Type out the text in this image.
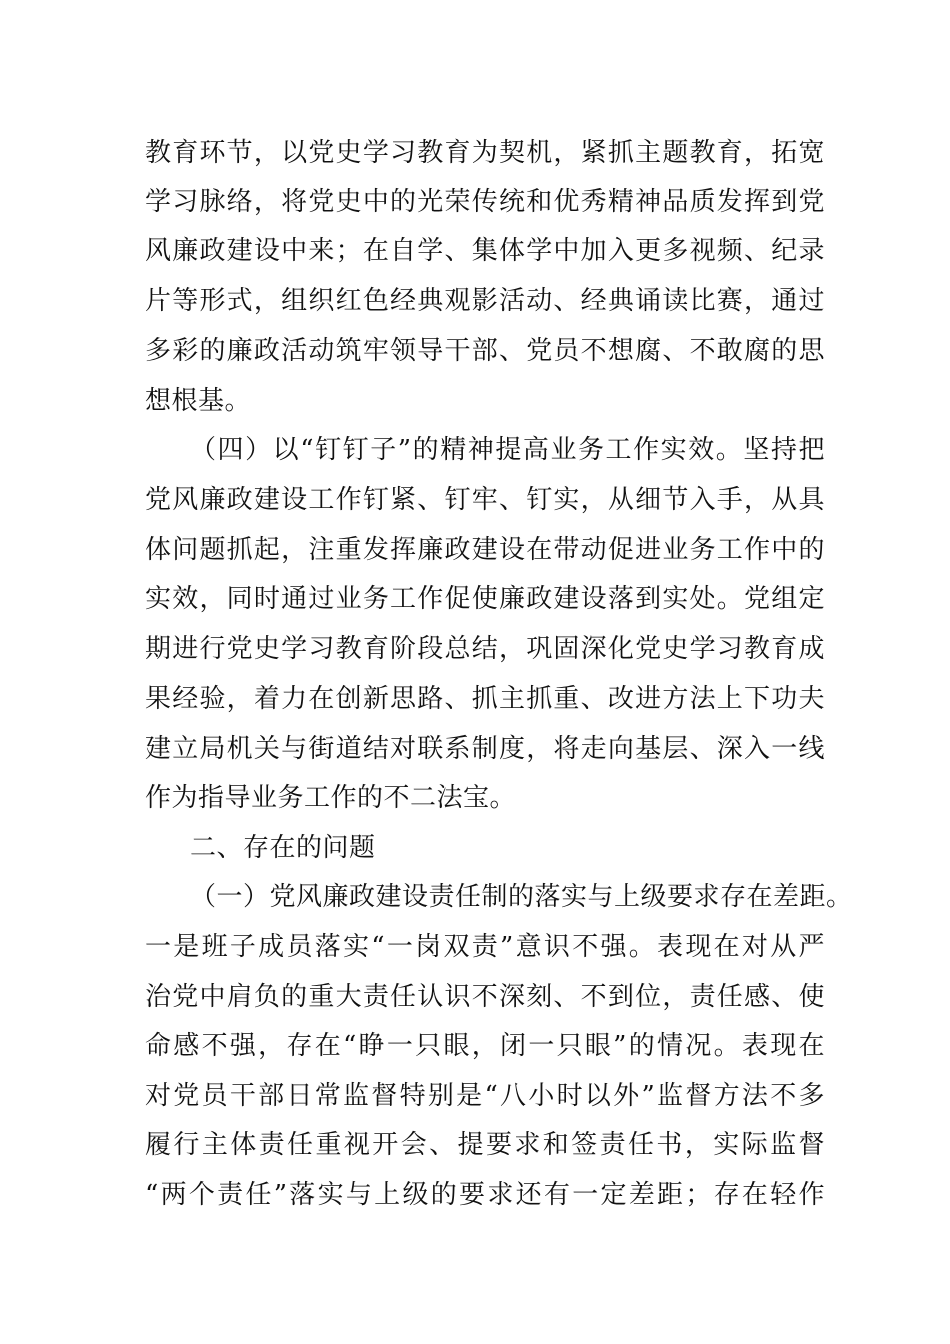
教育环节，以党史学习教育为契机，紧抓主题教育，拓宽
学习脉络，将党史中的光荣传统和优秀精神品质发挥到党
风廉政建设中来；在自学、集体学中加入更多视频、纪录
片等形式，组织红色经典观影活动、经典诵读比赛，通过
多彩的廉政活动筑牢领导干部、党员不想腐、不敢腐的思
想根基。
（四）以“钉钉子”的精神提高业务工作实效。坚持把
党风廉政建设工作钉紧、钉牢、钉实，从细节入手，从具
体问题抓起，注重发挥廉政建设在带动促进业务工作中的
实效，同时通过业务工作促使廉政建设落到实处。党组定
期进行党史学习教育阶段总结，巩固深化党史学习教育成
果经验，着力在创新思路、抓主抓重、改进方法上下功夫
建立局机关与街道结对联系制度，将走向基层、深入一线
作为指导业务工作的不二法宝。
二、存在的问题
（一）党风廉政建设责任制的落实与上级要求存在差距。
一是班子成员落实“一岗双责”意识不强。表现在对从严
治党中肩负的重大责任认识不深刻、不到位，责任感、使
命感不强，存在“睁一只眼，闭一只眼”的情况。表现在
对党员干部日常监督特别是“八小时以外”监督方法不多
履行主体责任重视开会、提要求和签责任书，实际监督
“两个责任”落实与上级的要求还有一定差距；存在轻作
